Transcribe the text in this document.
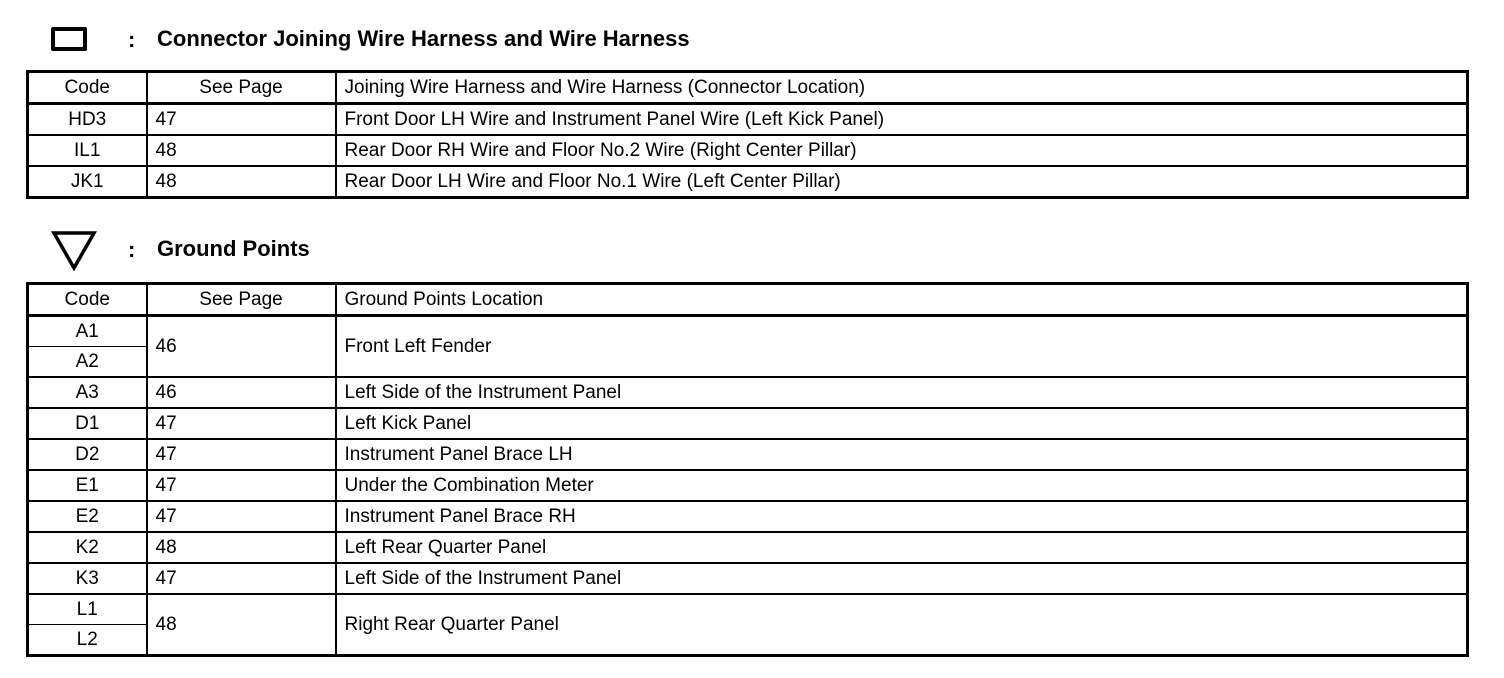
: Connector Joining Wire Harness and Wire Harness
Code	See Page	Joining Wire Harness and Wire Harness (Connector Location)
HD3	47	Front Door LH Wire and Instrument Panel Wire (Left Kick Panel)
IL1	48	Rear Door RH Wire and Floor No.2 Wire (Right Center Pillar)
JK1	48	Rear Door LH Wire and Floor No.1 Wire (Left Center Pillar)
: Ground Points
Code	See Page	Ground Points Location
A1	46	Front Left Fender
A2		
A3	46	Left Side of the Instrument Panel
D1	47	Left Kick Panel
D2	47	Instrument Panel Brace LH
E1	47	Under the Combination Meter
E2	47	Instrument Panel Brace RH
K2	48	Left Rear Quarter Panel
K3	47	Left Side of the Instrument Panel
L1	48	Right Rear Quarter Panel
L2		
